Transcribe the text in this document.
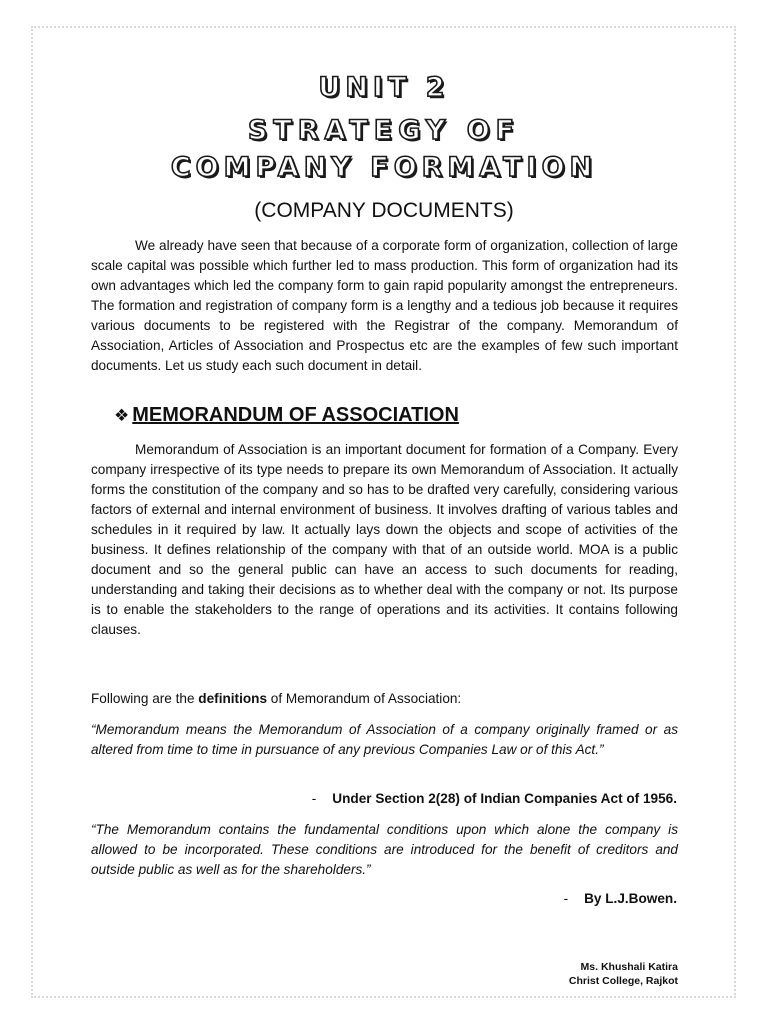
UNIT 2
STRATEGY OF
COMPANY FORMATION
(COMPANY DOCUMENTS)

We already have seen that because of a corporate form of organization, collection of large scale capital was possible which further led to mass production. This form of organization had its own advantages which led the company form to gain rapid popularity amongst the entrepreneurs. The formation and registration of company form is a lengthy and a tedious job because it requires various documents to be registered with the Registrar of the company. Memorandum of Association, Articles of Association and Prospectus etc are the examples of few such important documents. Let us study each such document in detail.

❖ MEMORANDUM OF ASSOCIATION

Memorandum of Association is an important document for formation of a Company. Every company irrespective of its type needs to prepare its own Memorandum of Association. It actually forms the constitution of the company and so has to be drafted very carefully, considering various factors of external and internal environment of business. It involves drafting of various tables and schedules in it required by law. It actually lays down the objects and scope of activities of the business. It defines relationship of the company with that of an outside world. MOA is a public document and so the general public can have an access to such documents for reading, understanding and taking their decisions as to whether deal with the company or not. Its purpose is to enable the stakeholders to the range of operations and its activities. It contains following clauses.

Following are the definitions of Memorandum of Association:

“Memorandum means the Memorandum of Association of a company originally framed or as altered from time to time in pursuance of any previous Companies Law or of this Act.”

- Under Section 2(28) of Indian Companies Act of 1956.

“The Memorandum contains the fundamental conditions upon which alone the company is allowed to be incorporated. These conditions are introduced for the benefit of creditors and outside public as well as for the shareholders.”

- By L.J.Bowen.
Ms. Khushali Katira
Christ College, Rajkot
